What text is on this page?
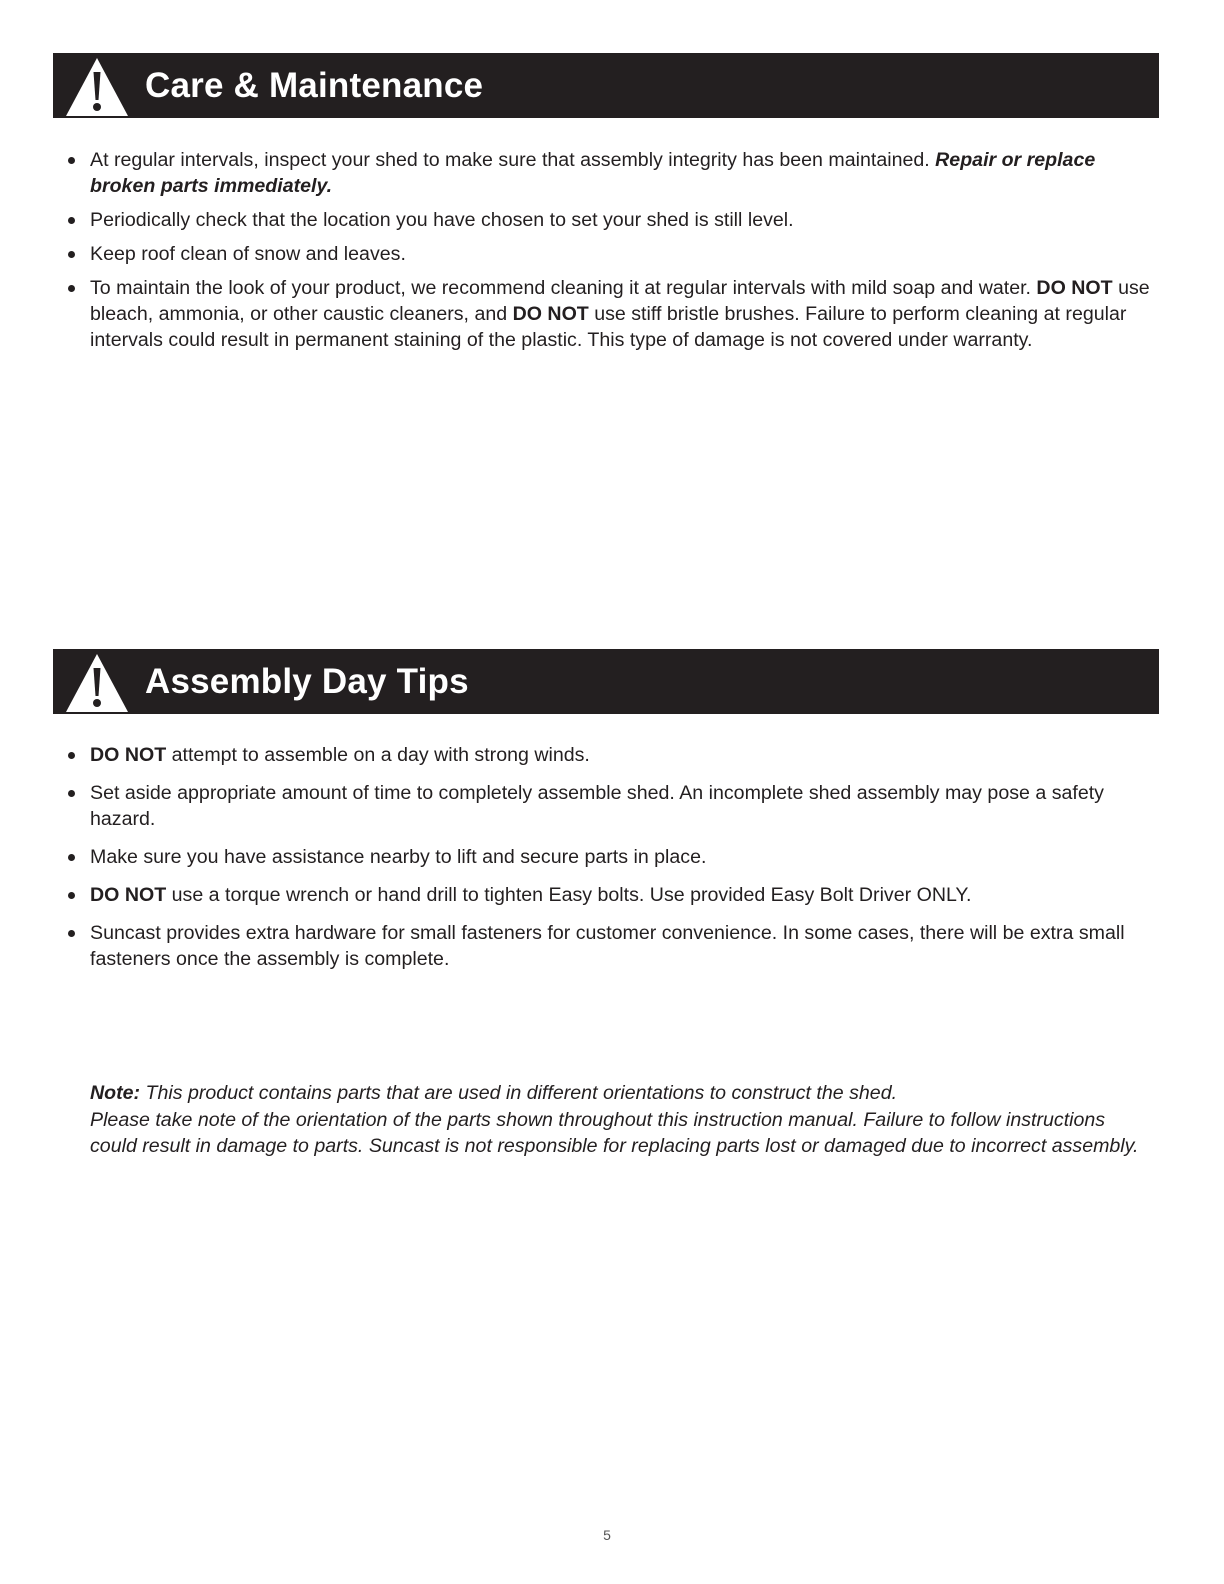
Care & Maintenance
At regular intervals, inspect your shed to make sure that assembly integrity has been maintained. Repair or replace broken parts immediately.
Periodically check that the location you have chosen to set your shed is still level.
Keep roof clean of snow and leaves.
To maintain the look of your product, we recommend cleaning it at regular intervals with mild soap and water. DO NOT use bleach, ammonia, or other caustic cleaners, and DO NOT use stiff bristle brushes. Failure to perform cleaning at regular intervals could result in permanent staining of the plastic. This type of damage is not covered under warranty.
Assembly Day Tips
DO NOT attempt to assemble on a day with strong winds.
Set aside appropriate amount of time to completely assemble shed. An incomplete shed assembly may pose a safety hazard.
Make sure you have assistance nearby to lift and secure parts in place.
DO NOT use a torque wrench or hand drill to tighten Easy bolts. Use provided Easy Bolt Driver ONLY.
Suncast provides extra hardware for small fasteners for customer convenience. In some cases, there will be extra small fasteners once the assembly is complete.
Note: This product contains parts that are used in different orientations to construct the shed.
Please take note of the orientation of the parts shown throughout this instruction manual. Failure to follow instructions could result in damage to parts. Suncast is not responsible for replacing parts lost or damaged due to incorrect assembly.
5
